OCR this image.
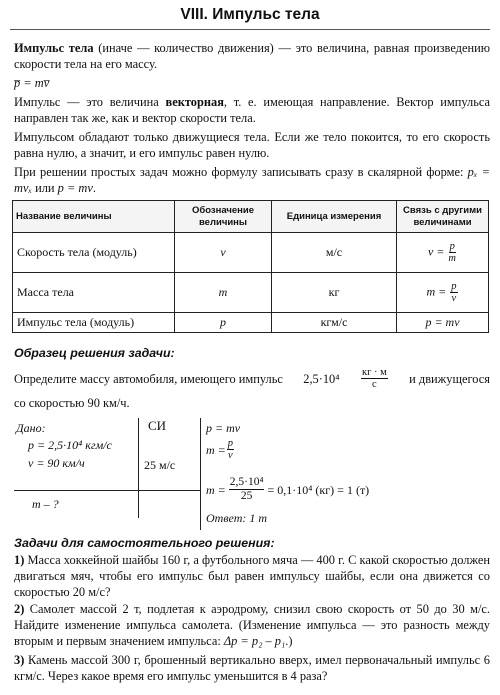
VIII. Импульс тела

Импульс тела (иначе — количество движения) — это величина, равная произведению скорости тела на его массу.

p̅ = mv̅

Импульс — это величина векторная, т. е. имеющая направление. Вектор импульса направлен так же, как и вектор скорости тела.

Импульсом обладают только движущиеся тела. Если же тело покоится, то его скорость равна нулю, а значит, и его импульс равен нулю.

При решении простых задач можно формулу записывать сразу в скалярной форме: pₓ = mvₓ или p = mv.

Название величины	Обозначение величины	Единица измерения	Связь с другими величинами
Скорость тела (модуль)	v	м/с	$v = \frac{p}{m}$

Масса тела	m	кг	$m = \frac{p}{v}$

Импульс тела (модуль)	p	кгм/с	p = mv

Образец решения задачи:

Определите массу автомобиля, имеющего импульс $2,5\cdot 10^4 \frac{кг \cdot м}{с}$ и движущегося

со скоростью 90 км/ч.

Дано:
p = 2,5·10⁴ кгм/с
v = 90 км/ч
m – ?
СИ
25 м/с
p = mv
$m = \frac{p}{v}$
$m = \frac{\text{2,5·10⁴}}{25} = 0,1\cdot 10^4$ (кг) = 1 (т)
Ответ: 1 т

Задачи для самостоятельного решения:

1) Масса хоккейной шайбы 160 г, а футбольного мяча — 400 г. С какой скоростью должен двигаться мяч, чтобы его импульс был равен импульсу шайбы, если она движется со скоростью 20 м/с?

2) Самолет массой 2 т, подлетая к аэродрому, снизил свою скорость от 50 до 30 м/с. Найдите изменение импульса самолета. (Изменение импульса — это разность между вторым и первым значением импульса: Δp = p₂ – p₁.)

3) Камень массой 300 г, брошенный вертикально вверх, имел первоначальный импульс 6 кгм/с. Через какое время его импульс уменьшится в 4 раза?
